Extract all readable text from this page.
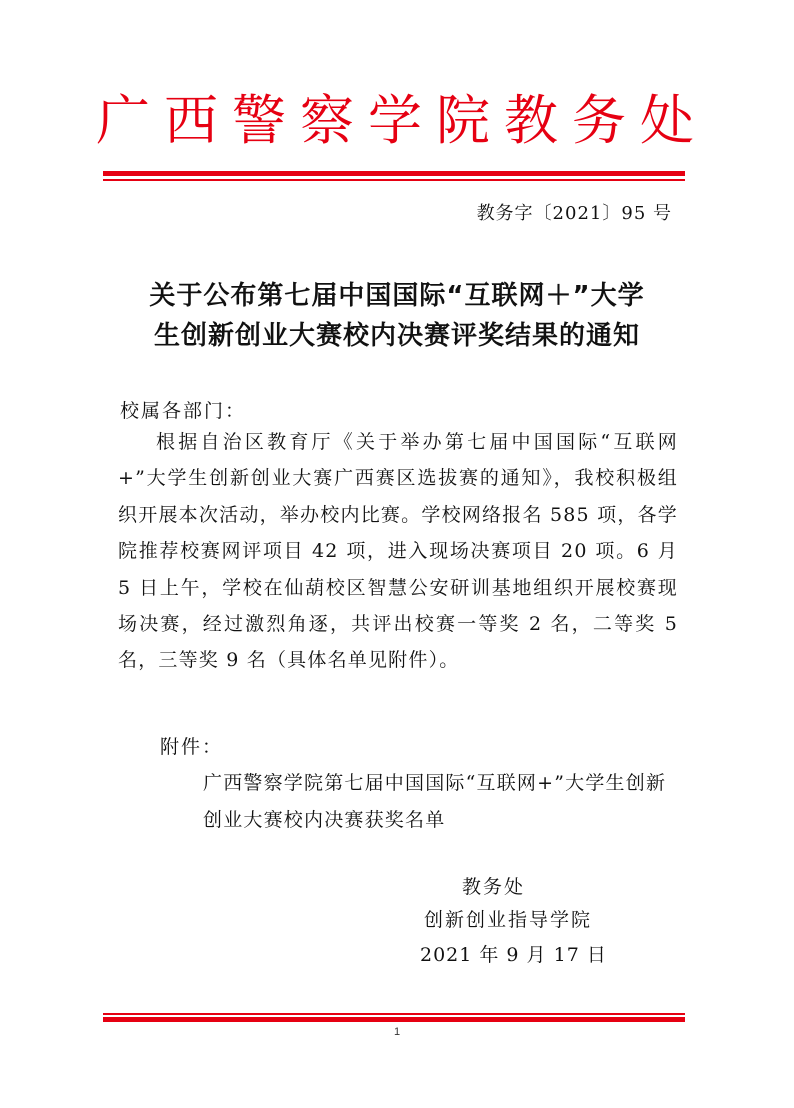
广西警察学院教务处
教务字〔2021〕95 号
关于公布第七届中国国际“互联网＋”大学
生创新创业大赛校内决赛评奖结果的通知
校属各部门：
根据自治区教育厅《关于举办第七届中国国际“互联网+”大学生创新创业大赛广西赛区选拔赛的通知》，我校积极组织开展本次活动，举办校内比赛。学校网络报名 585 项，各学院推荐校赛网评项目 42 项，进入现场决赛项目 20 项。6 月 5 日上午，学校在仙葫校区智慧公安研训基地组织开展校赛现场决赛，经过激烈角逐，共评出校赛一等奖 2 名，二等奖 5 名，三等奖 9 名（具体名单见附件）。
附件：
广西警察学院第七届中国国际“互联网+”大学生创新创业大赛校内决赛获奖名单
教务处
创新创业指导学院
2021 年 9 月 17 日
1
